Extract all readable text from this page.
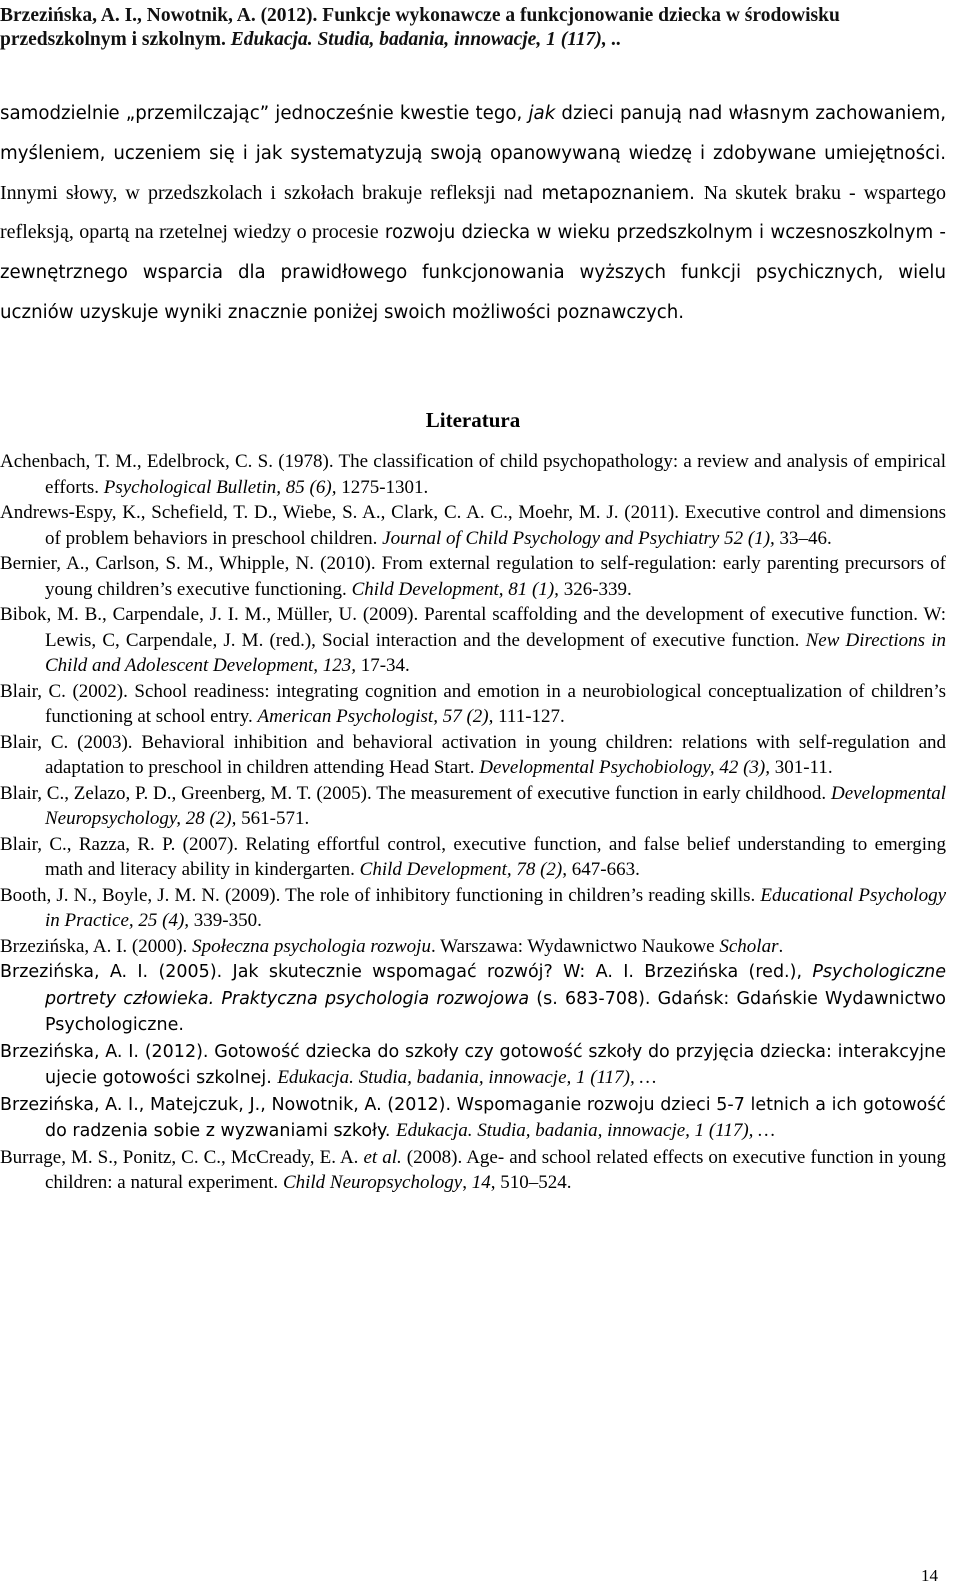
Brzezińska, A. I., Nowotnik, A. (2012). Funkcje wykonawcze a funkcjonowanie dziecka w środowisku
przedszkolnym i szkolnym. Edukacja. Studia, badania, innowacje, 1 (117), ..

samodzielnie „przemilczając” jednocześnie kwestie tego, jak dzieci panują nad własnym zachowaniem, myśleniem, uczeniem się i jak systematyzują swoją opanowywaną wiedzę i zdobywane umiejętności. Innymi słowy, w przedszkolach i szkołach brakuje refleksji nad metapoznaniem. Na skutek braku - wspartego refleksją, opartą na rzetelnej wiedzy o procesie rozwoju dziecka w wieku przedszkolnym i wczesnoszkolnym - zewnętrznego wsparcia dla prawidłowego funkcjonowania wyższych funkcji psychicznych, wielu uczniów uzyskuje wyniki znacznie poniżej swoich możliwości poznawczych.

Literatura
Achenbach, T. M., Edelbrock, C. S. (1978). The classification of child psychopathology: a review and analysis of empirical efforts. Psychological Bulletin, 85 (6), 1275-1301.
Andrews-Espy, K., Schefield, T. D., Wiebe, S. A., Clark, C. A. C., Moehr, M. J. (2011). Executive control and dimensions of problem behaviors in preschool children. Journal of Child Psychology and Psychiatry 52 (1), 33–46.
Bernier, A., Carlson, S. M., Whipple, N. (2010). From external regulation to self-regulation: early parenting precursors of young children’s executive functioning. Child Development, 81 (1), 326-339.
Bibok, M. B., Carpendale, J. I. M., Müller, U. (2009). Parental scaffolding and the development of executive function. W: Lewis, C, Carpendale, J. M. (red.), Social interaction and the development of executive function. New Directions in Child and Adolescent Development, 123, 17-34.
Blair, C. (2002). School readiness: integrating cognition and emotion in a neurobiological conceptualization of children’s functioning at school entry. American Psychologist, 57 (2), 111-127.
Blair, C. (2003). Behavioral inhibition and behavioral activation in young children: relations with self-regulation and adaptation to preschool in children attending Head Start. Developmental Psychobiology, 42 (3), 301-11.
Blair, C., Zelazo, P. D., Greenberg, M. T. (2005). The measurement of executive function in early childhood. Developmental Neuropsychology, 28 (2), 561-571.
Blair, C., Razza, R. P. (2007). Relating effortful control, executive function, and false belief understanding to emerging math and literacy ability in kindergarten. Child Development, 78 (2), 647-663.
Booth, J. N., Boyle, J. M. N. (2009). The role of inhibitory functioning in children’s reading skills. Educational Psychology in Practice, 25 (4), 339-350.
Brzezińska, A. I. (2000). Społeczna psychologia rozwoju. Warszawa: Wydawnictwo Naukowe Scholar.
Brzezińska, A. I. (2005). Jak skutecznie wspomagać rozwój? W: A. I. Brzezińska (red.), Psychologiczne portrety człowieka. Praktyczna psychologia rozwojowa (s. 683-708). Gdańsk: Gdańskie Wydawnictwo Psychologiczne.
Brzezińska, A. I. (2012). Gotowość dziecka do szkoły czy gotowość szkoły do przyjęcia dziecka: interakcyjne ujecie gotowości szkolnej. Edukacja. Studia, badania, innowacje, 1 (117), …
Brzezińska, A. I., Matejczuk, J., Nowotnik, A. (2012). Wspomaganie rozwoju dzieci 5-7 letnich a ich gotowość do radzenia sobie z wyzwaniami szkoły. Edukacja. Studia, badania, innowacje, 1 (117), …
Burrage, M. S., Ponitz, C. C., McCready, E. A. et al. (2008). Age- and school related effects on executive function in young children: a natural experiment. Child Neuropsychology, 14, 510–524.
14
